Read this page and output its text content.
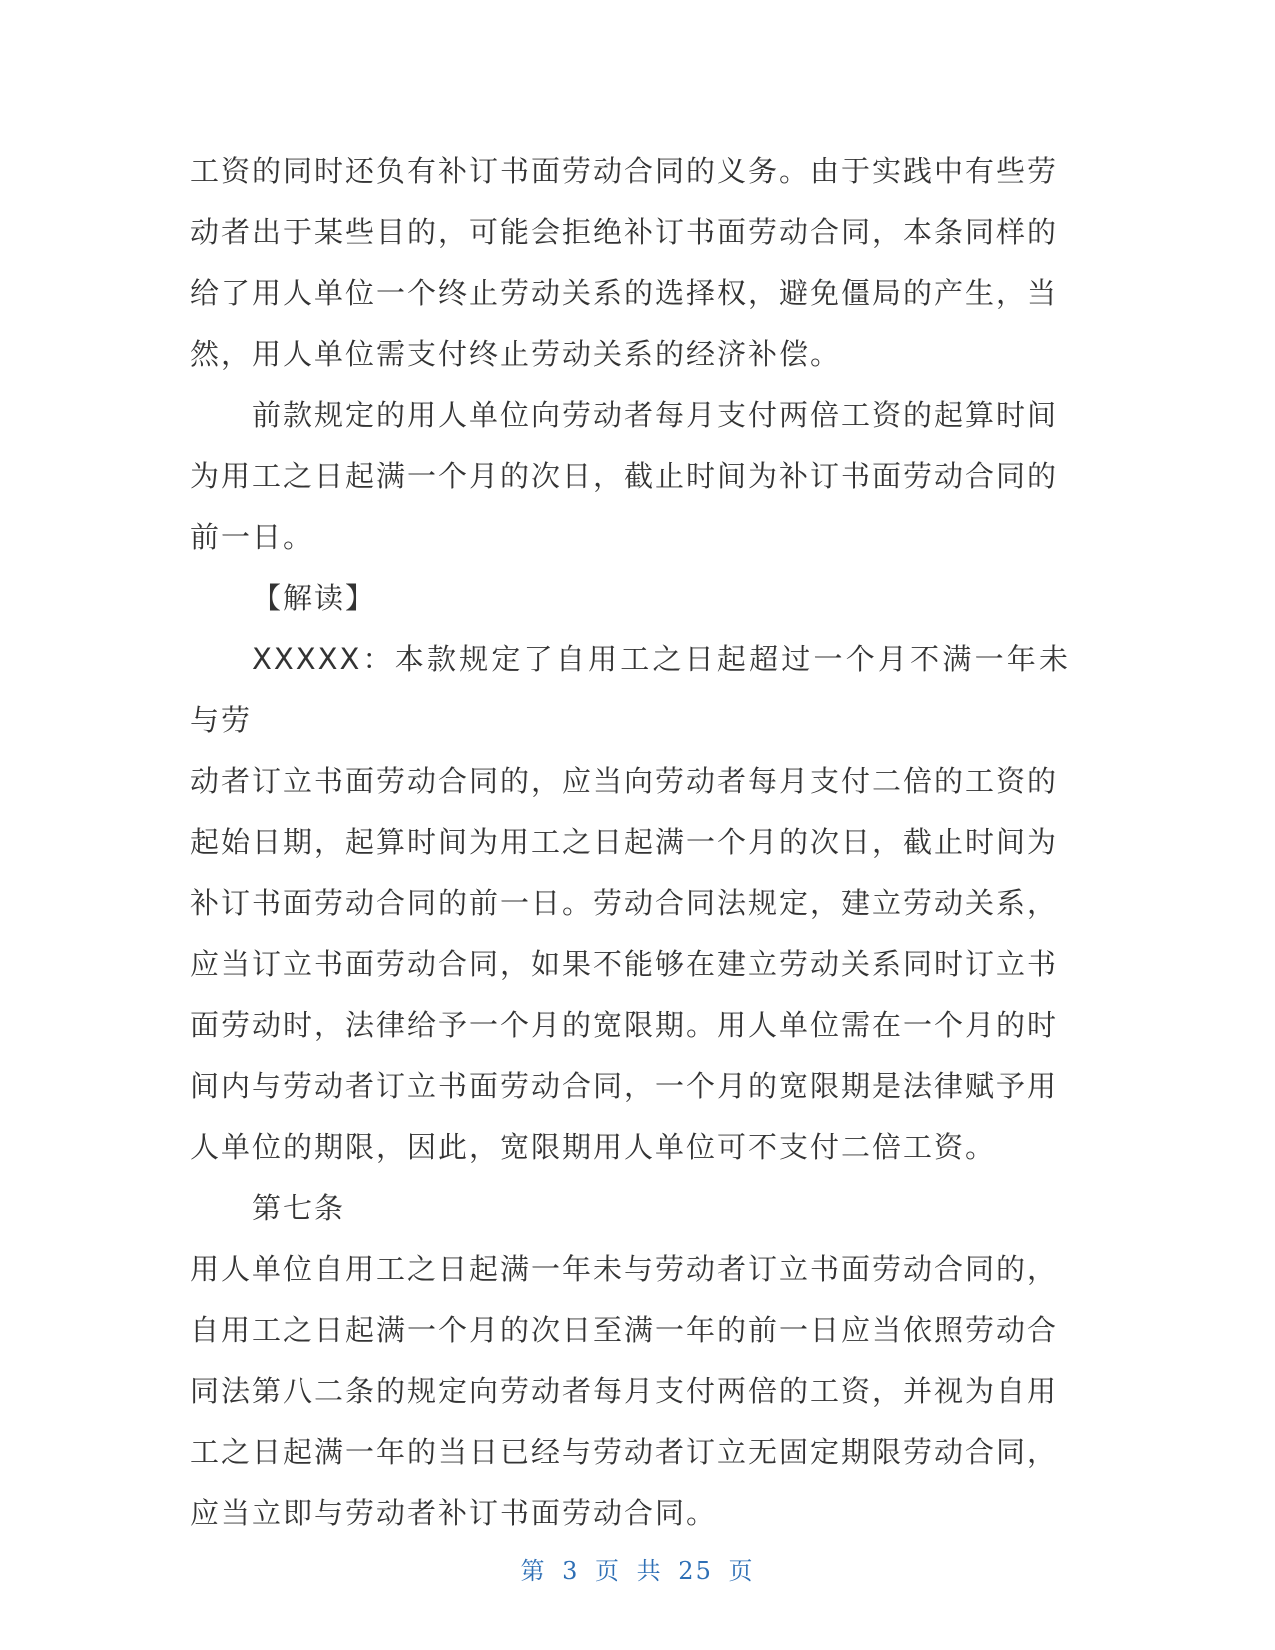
工资的同时还负有补订书面劳动合同的义务。由于实践中有些劳
动者出于某些目的，可能会拒绝补订书面劳动合同，本条同样的
给了用人单位一个终止劳动关系的选择权，避免僵局的产生，当
然，用人单位需支付终止劳动关系的经济补偿。

前款规定的用人单位向劳动者每月支付两倍工资的起算时间
为用工之日起满一个月的次日，截止时间为补订书面劳动合同的
前一日。

【解读】

XXXXX：本款规定了自用工之日起超过一个月不满一年未与劳
动者订立书面劳动合同的，应当向劳动者每月支付二倍的工资的
起始日期，起算时间为用工之日起满一个月的次日，截止时间为
补订书面劳动合同的前一日。劳动合同法规定，建立劳动关系，
应当订立书面劳动合同，如果不能够在建立劳动关系同时订立书
面劳动时，法律给予一个月的宽限期。用人单位需在一个月的时
间内与劳动者订立书面劳动合同，一个月的宽限期是法律赋予用
人单位的期限，因此，宽限期用人单位可不支付二倍工资。

第七条

用人单位自用工之日起满一年未与劳动者订立书面劳动合同的，
自用工之日起满一个月的次日至满一年的前一日应当依照劳动合
同法第八二条的规定向劳动者每月支付两倍的工资，并视为自用
工之日起满一年的当日已经与劳动者订立无固定期限劳动合同，
应当立即与劳动者补订书面劳动合同。

第 3 页 共 25 页
